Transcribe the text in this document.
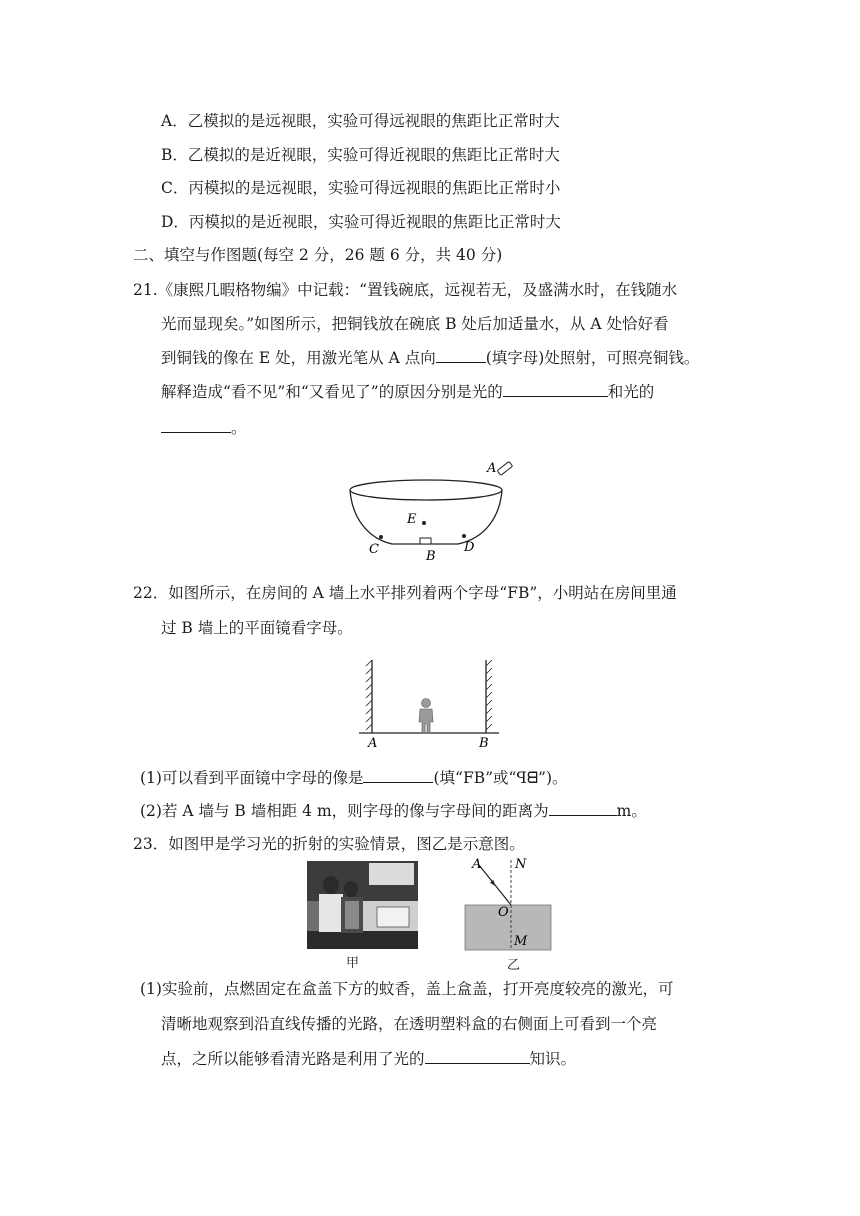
A．乙模拟的是远视眼，实验可得远视眼的焦距比正常时大
B．乙模拟的是近视眼，实验可得近视眼的焦距比正常时大
C．丙模拟的是远视眼，实验可得远视眼的焦距比正常时小
D．丙模拟的是近视眼，实验可得近视眼的焦距比正常时大
二、填空与作图题(每空 2 分，26 题 6 分，共 40 分)
21.《康熙几暇格物编》中记载：“置钱碗底，远视若无，及盛满水时，在钱随水
光而显现矣。”如图所示，把铜钱放在碗底 B 处后加适量水，从 A 处恰好看
到铜钱的像在 E 处，用激光笔从 A 点向	(填字母)处照射，可照亮铜钱。
解释造成“看不见”和“又看见了”的原因分别是光的	和光的
。
A
E
C	B
D
22．如图所示，在房间的 A 墙上水平排列着两个字母“FB”，小明站在房间里通
过 B 墙上的平面镜看字母。
A	B
(1)可以看到平面镜中字母的像是	(填“FB”或“ꟼᗺ”)。
(2)若 A 墙与 B 墙相距 4 m，则字母的像与字母间的距离为	m。
23．如图甲是学习光的折射的实验情景，图乙是示意图。
甲
A	N
O
M
乙
(1)实验前，点燃固定在盒盖下方的蚊香，盖上盒盖，打开亮度较亮的激光，可
清晰地观察到沿直线传播的光路，在透明塑料盒的右侧面上可看到一个亮
点，之所以能够看清光路是利用了光的	知识。
